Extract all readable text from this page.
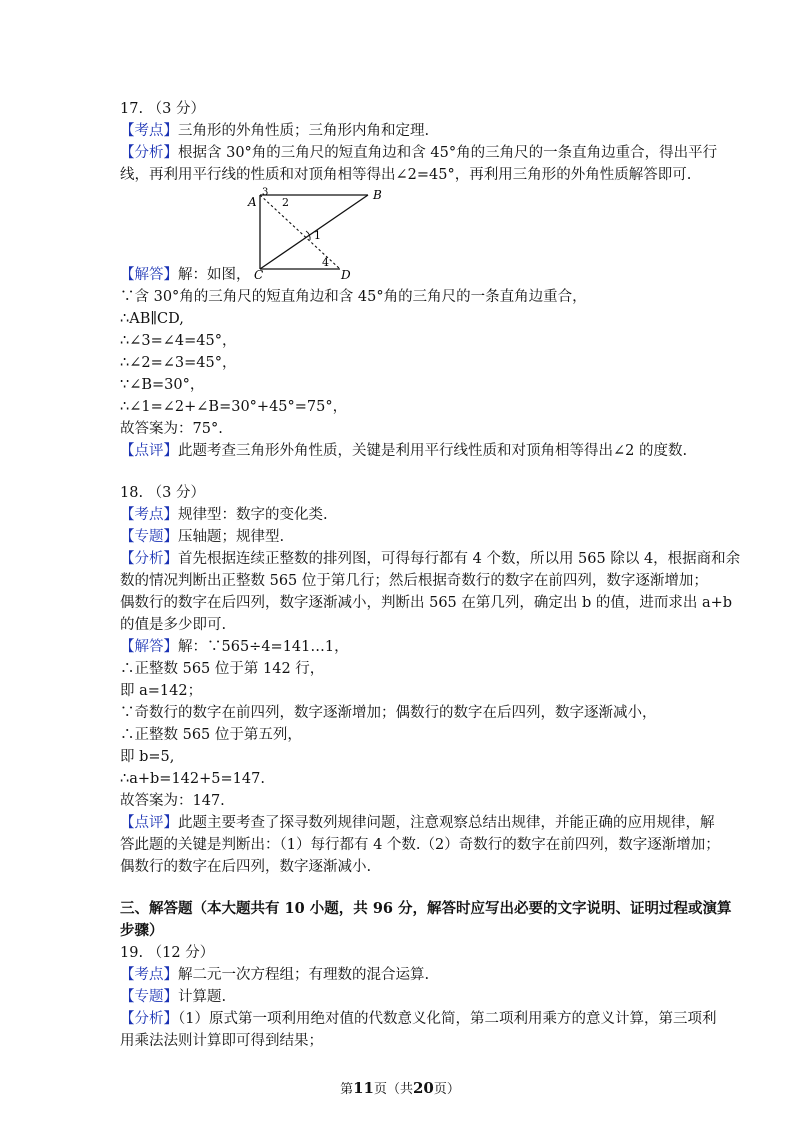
17. （3 分）
【考点】三角形的外角性质；三角形内角和定理.
【分析】根据含 30°角的三角尺的短直角边和含 45°角的三角尺的一条直角边重合，得出平行
线，再利用平行线的性质和对顶角相等得出∠2=45°，再利用三角形的外角性质解答即可.
A	B
C	D
1
2
3
4
【解答】解：如图，
∵含 30°角的三角尺的短直角边和含 45°角的三角尺的一条直角边重合，
∴AB∥CD,
∴∠3=∠4=45°，
∴∠2=∠3=45°，
∵∠B=30°，
∴∠1=∠2+∠B=30°+45°=75°，
故答案为：75°.
【点评】此题考查三角形外角性质，关键是利用平行线性质和对顶角相等得出∠2 的度数.
18. （3 分）
【考点】规律型：数字的变化类.
【专题】压轴题；规律型.
【分析】首先根据连续正整数的排列图，可得每行都有 4 个数，所以用 565 除以 4，根据商和余
数的情况判断出正整数 565 位于第几行；然后根据奇数行的数字在前四列，数字逐渐增加；
偶数行的数字在后四列，数字逐渐减小，判断出 565 在第几列，确定出 b 的值，进而求出 a+b
的值是多少即可.
【解答】解：∵565÷4=141…1，
∴正整数 565 位于第 142 行，
即 a=142；
∵奇数行的数字在前四列，数字逐渐增加；偶数行的数字在后四列，数字逐渐减小，
∴正整数 565 位于第五列，
即 b=5,
∴a+b=142+5=147.
故答案为：147.
【点评】此题主要考查了探寻数列规律问题，注意观察总结出规律，并能正确的应用规律，解
答此题的关键是判断出：（1）每行都有 4 个数.（2）奇数行的数字在前四列，数字逐渐增加；
偶数行的数字在后四列，数字逐渐减小.
三、解答题（本大题共有 10 小题，共 96 分，解答时应写出必要的文字说明、证明过程或演算
步骤）
19. （12 分）
【考点】解二元一次方程组；有理数的混合运算.
【专题】计算题.
【分析】（1）原式第一项利用绝对值的代数意义化简，第二项利用乘方的意义计算，第三项利
用乘法法则计算即可得到结果；
第11页（共20页）
